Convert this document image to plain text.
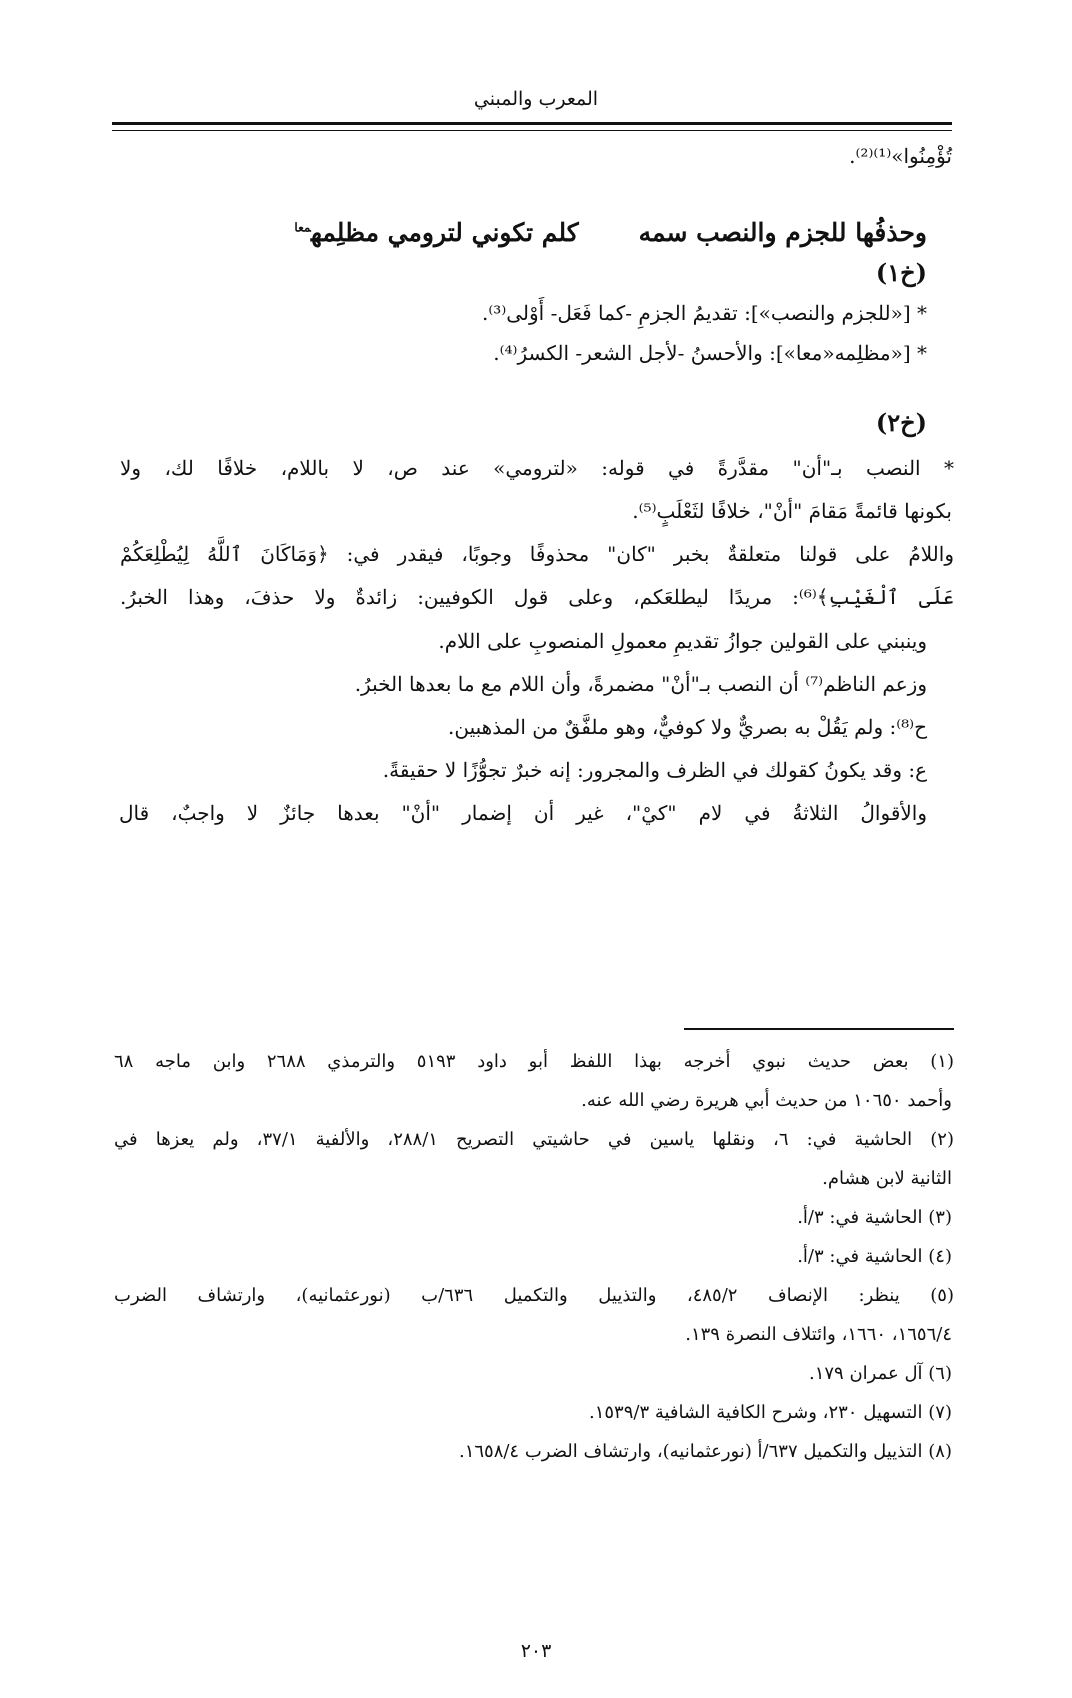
المعرب والمبني
تُؤْمِنُوا»⁽¹⁾⁽²⁾.
وحذفُها للجزم والنصب سمه
كلم تكوني لترومي مظلِمه$^{معا}$
(خ١)
* [«للجزم والنصب»]: تقديمُ الجزمِ -كما فَعَل- أَوْلى⁽³⁾.
* [«مظلِمه«معا»]: والأحسنُ -لأجل الشعر- الكسرُ⁽⁴⁾.
(خ٢)
* النصب بـ"أن" مقدَّرةً في قوله: «لترومي» عند ص، لا باللام، خلافًا لك، ولا
بكونها قائمةً مَقامَ "أنْ"، خلافًا لثَعْلَبٍ⁽⁵⁾.
واللامُ على قولنا متعلقةٌ بخبر "كان" محذوفًا وجوبًا، فيقدر في: ﴿وَمَاكَانَ ٱللَّهُ لِيُطْلِعَكُمْ
عَلَى ٱلْغَيْبِ﴾⁽⁶⁾: مريدًا ليطلعَكم، وعلى قول الكوفيين: زائدةٌ ولا حذفَ، وهذا الخبرُ.
وينبني على القولين جوازُ تقديمِ معمولِ المنصوبِ على اللام.
وزعم الناظم⁽⁷⁾ أن النصب بـ"أنْ" مضمرةً، وأن اللام مع ما بعدها الخبرُ.
ح⁽⁸⁾: ولم يَقُلْ به بصريٌّ ولا كوفيٌّ، وهو ملفَّقٌ من المذهبين.
ع: وقد يكونُ كقولك في الظرف والمجرور: إنه خبرٌ تجوُّزًا لا حقيقةً.
والأقوالُ الثلاثةُ في لام "كيْ"، غير أن إضمار "أنْ" بعدها جائزٌ لا واجبٌ، قال
(١) بعض حديث نبوي أخرجه بهذا اللفظ أبو داود ٥١٩٣ والترمذي ٢٦٨٨ وابن ماجه ٦٨
وأحمد ١٠٦٥٠ من حديث أبي هريرة رضي الله عنه.
(٢) الحاشية في: ٦، ونقلها ياسين في حاشيتي التصريح ٢٨٨/١، والألفية ٣٧/١، ولم يعزها في
الثانية لابن هشام.
(٣) الحاشية في: ٣/أ.
(٤) الحاشية في: ٣/أ.
(٥) ينظر: الإنصاف ٤٨٥/٢، والتذييل والتكميل ٦٣٦/ب (نورعثمانيه)، وارتشاف الضرب
١٦٥٦/٤، ١٦٦٠، وائتلاف النصرة ١٣٩.
(٦) آل عمران ١٧٩.
(٧) التسهيل ٢٣٠، وشرح الكافية الشافية ١٥٣٩/٣.
(٨) التذييل والتكميل ٦٣٧/أ (نورعثمانيه)، وارتشاف الضرب ١٦٥٨/٤.
٢٠٣
